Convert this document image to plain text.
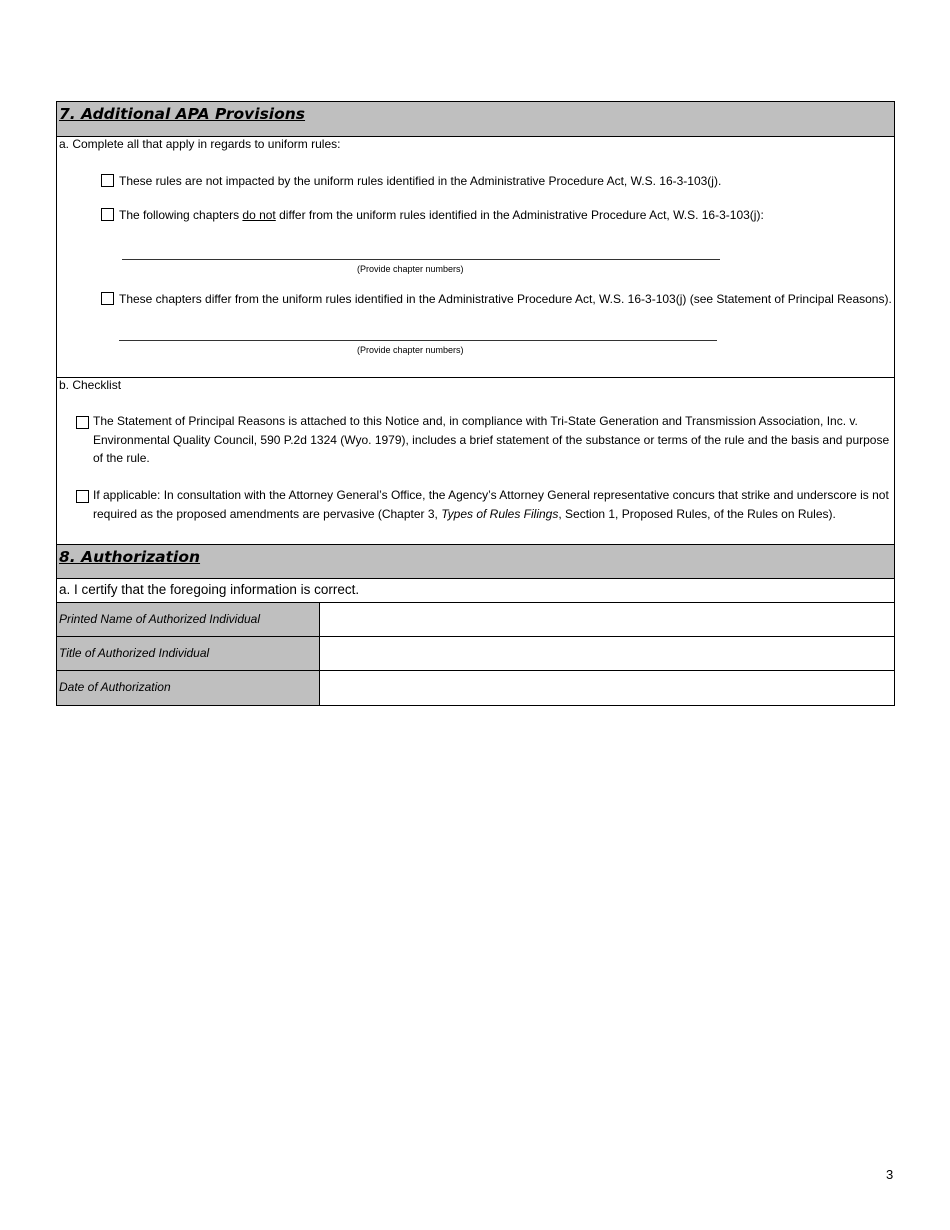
7. Additional APA Provisions
a. Complete all that apply in regards to uniform rules:
These rules are not impacted by the uniform rules identified in the Administrative Procedure Act, W.S. 16-3-103(j).
The following chapters do not differ from the uniform rules identified in the Administrative Procedure Act, W.S. 16-3-103(j):
(Provide chapter numbers)
These chapters differ from the uniform rules identified in the Administrative Procedure Act, W.S. 16-3-103(j) (see Statement of Principal Reasons).
(Provide chapter numbers)
b. Checklist
The Statement of Principal Reasons is attached to this Notice and, in compliance with Tri-State Generation and Transmission Association, Inc. v. Environmental Quality Council, 590 P.2d 1324 (Wyo. 1979), includes a brief statement of the substance or terms of the rule and the basis and purpose of the rule.
If applicable: In consultation with the Attorney General’s Office, the Agency’s Attorney General representative concurs that strike and underscore is not required as the proposed amendments are pervasive (Chapter 3, Types of Rules Filings, Section 1, Proposed Rules, of the Rules on Rules).
8. Authorization
a. I certify that the foregoing information is correct.
Printed Name of Authorized Individual
Title of Authorized Individual
Date of Authorization
3
